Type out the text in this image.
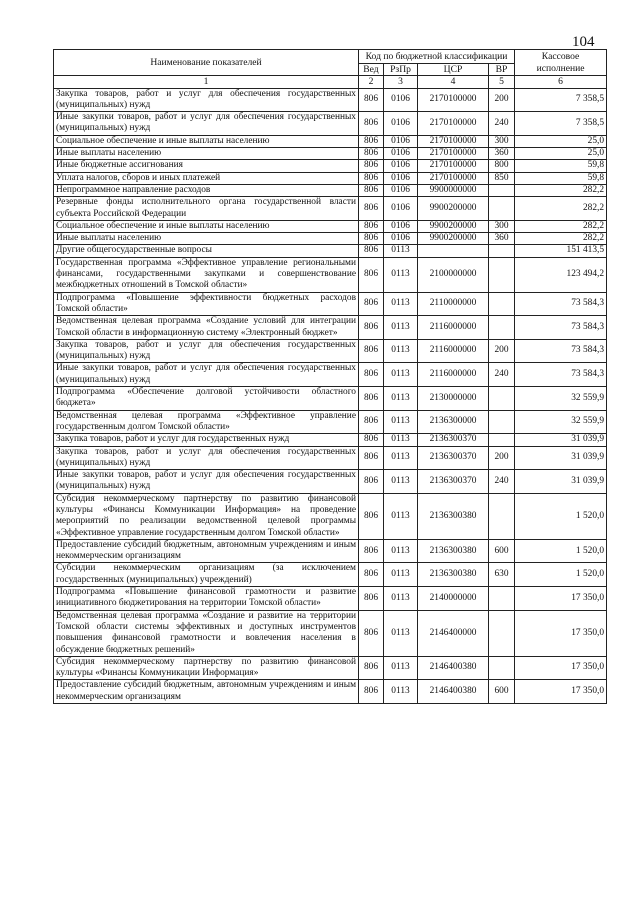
104
Наименование показателей	Код по бюджетной классификации				Кассовое исполнение
	Вед	РзПр	ЦСР	ВР	
1	2	3	4	5	6
Закупка товаров, работ и услуг для обеспечения государственных (муниципальных) нужд	806	0106	2170100000	200	7 358,5
Иные закупки товаров, работ и услуг для обеспечения государственных (муниципальных) нужд	806	0106	2170100000	240	7 358,5
Социальное обеспечение и иные выплаты населению	806	0106	2170100000	300	25,0
Иные выплаты населению	806	0106	2170100000	360	25,0
Иные бюджетные ассигнования	806	0106	2170100000	800	59,8
Уплата налогов, сборов и иных платежей	806	0106	2170100000	850	59,8
Непрограммное направление расходов	806	0106	9900000000		282,2
Резервные фонды исполнительного органа государственной власти субъекта Российской Федерации	806	0106	9900200000		282,2
Социальное обеспечение и иные выплаты населению	806	0106	9900200000	300	282,2
Иные выплаты населению	806	0106	9900200000	360	282,2
Другие общегосударственные вопросы	806	0113			151 413,5
Государственная программа «Эффективное управление региональными финансами, государственными закупками и совершенствование межбюджетных отношений в Томской области»	806	0113	2100000000		123 494,2
Подпрограмма «Повышение эффективности бюджетных расходов Томской области»	806	0113	2110000000		73 584,3
Ведомственная целевая программа «Создание условий для интеграции Томской области в информационную систему «Электронный бюджет»	806	0113	2116000000		73 584,3
Закупка товаров, работ и услуг для обеспечения государственных (муниципальных) нужд	806	0113	2116000000	200	73 584,3
Иные закупки товаров, работ и услуг для обеспечения государственных (муниципальных) нужд	806	0113	2116000000	240	73 584,3
Подпрограмма «Обеспечение долговой устойчивости областного бюджета»	806	0113	2130000000		32 559,9
Ведомственная целевая программа «Эффективное управление государственным долгом Томской области»	806	0113	2136300000		32 559,9
Закупка товаров, работ и услуг для государственных нужд	806	0113	2136300370		31 039,9
Закупка товаров, работ и услуг для обеспечения государственных (муниципальных) нужд	806	0113	2136300370	200	31 039,9
Иные закупки товаров, работ и услуг для обеспечения государственных (муниципальных) нужд	806	0113	2136300370	240	31 039,9
Субсидия некоммерческому партнерству по развитию финансовой культуры «Финансы Коммуникации Информация» на проведение мероприятий по реализации ведомственной целевой программы «Эффективное управление государственным долгом Томской области»	806	0113	2136300380		1 520,0
Предоставление субсидий бюджетным, автономным учреждениям и иным некоммерческим организациям	806	0113	2136300380	600	1 520,0
Субсидии некоммерческим организациям (за исключением государственных (муниципальных) учреждений)	806	0113	2136300380	630	1 520,0
Подпрограмма «Повышение финансовой грамотности и развитие инициативного бюджетирования на территории Томской области»	806	0113	2140000000		17 350,0
Ведомственная целевая программа «Создание и развитие на территории Томской области системы эффективных и доступных инструментов повышения финансовой грамотности и вовлечения населения в обсуждение бюджетных решений»	806	0113	2146400000		17 350,0
Субсидия некоммерческому партнерству по развитию финансовой культуры «Финансы Коммуникации Информация»	806	0113	2146400380		17 350,0
Предоставление субсидий бюджетным, автономным учреждениям и иным некоммерческим организациям	806	0113	2146400380	600	17 350,0
